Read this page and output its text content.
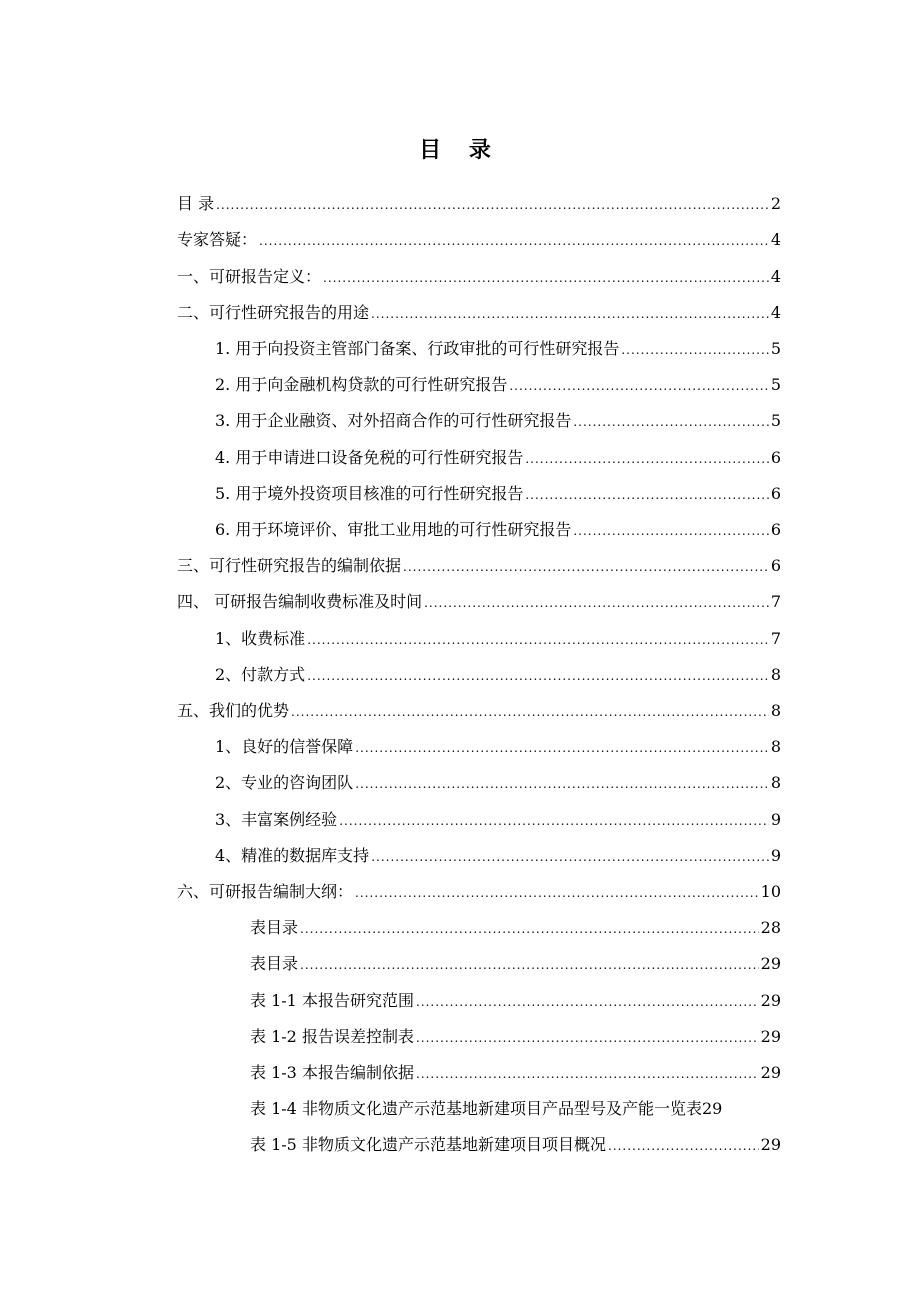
目 录
目 录 .....	2
专家答疑： .....	4
一、可研报告定义： .....	4
二、可行性研究报告的用途 .....	4
1. 用于向投资主管部门备案、行政审批的可行性研究报告 .....	5
2. 用于向金融机构贷款的可行性研究报告 .....	5
3. 用于企业融资、对外招商合作的可行性研究报告 .....	5
4. 用于申请进口设备免税的可行性研究报告 .....	6
5. 用于境外投资项目核准的可行性研究报告 .....	6
6. 用于环境评价、审批工业用地的可行性研究报告 .....	6
三、可行性研究报告的编制依据 .....	6
四、 可研报告编制收费标准及时间 .....	7
1、收费标准 .....	7
2、付款方式 .....	8
五、我们的优势 .....	8
1、良好的信誉保障 .....	8
2、专业的咨询团队 .....	8
3、丰富案例经验 .....	9
4、精准的数据库支持 .....	9
六、可研报告编制大纲： .....	10
表目录 .....	28
表目录 .....	29
表 1-1 本报告研究范围 .....	29
表 1-2 报告误差控制表 .....	29
表 1-3 本报告编制依据 .....	29
表 1-4 非物质文化遗产示范基地新建项目产品型号及产能一览表 29
表 1-5 非物质文化遗产示范基地新建项目项目概况 .....	29
